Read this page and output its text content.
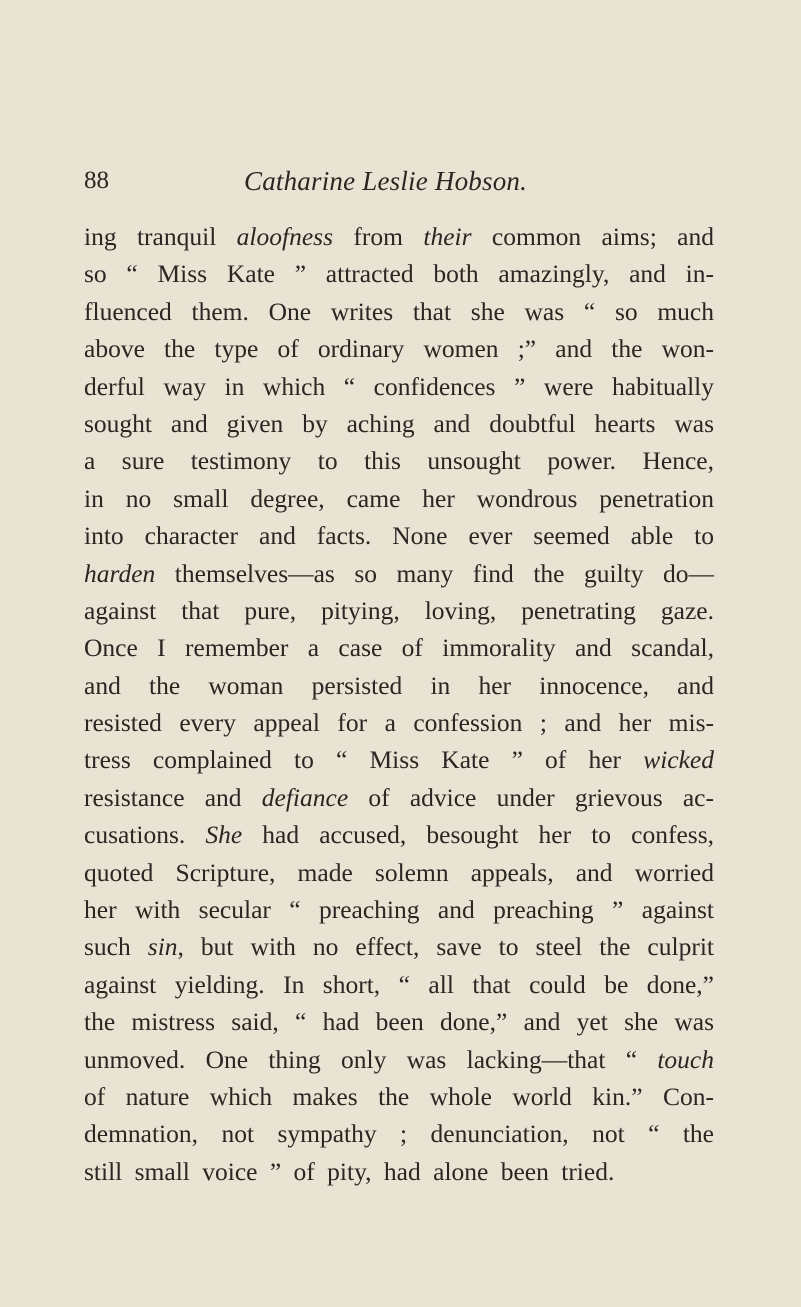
88	Catharine Leslie Hobson.
ing tranquil aloofness from their common aims; and
so “ Miss Kate ” attracted both amazingly, and in-
fluenced them. One writes that she was “ so much
above the type of ordinary women ;” and the won-
derful way in which “ confidences ” were habitually
sought and given by aching and doubtful hearts was
a sure testimony to this unsought power. Hence,
in no small degree, came her wondrous penetration
into character and facts. None ever seemed able to
harden themselves—as so many find the guilty do—
against that pure, pitying, loving, penetrating gaze.
Once I remember a case of immorality and scandal,
and the woman persisted in her innocence, and
resisted every appeal for a confession ; and her mis-
tress complained to “ Miss Kate ” of her wicked
resistance and defiance of advice under grievous ac-
cusations. She had accused, besought her to confess,
quoted Scripture, made solemn appeals, and worried
her with secular “ preaching and preaching ” against
such sin, but with no effect, save to steel the culprit
against yielding. In short, “ all that could be done,”
the mistress said, “ had been done,” and yet she was
unmoved. One thing only was lacking—that “ touch
of nature which makes the whole world kin.” Con-
demnation, not sympathy ; denunciation, not “ the
still small voice ” of pity, had alone been tried.
